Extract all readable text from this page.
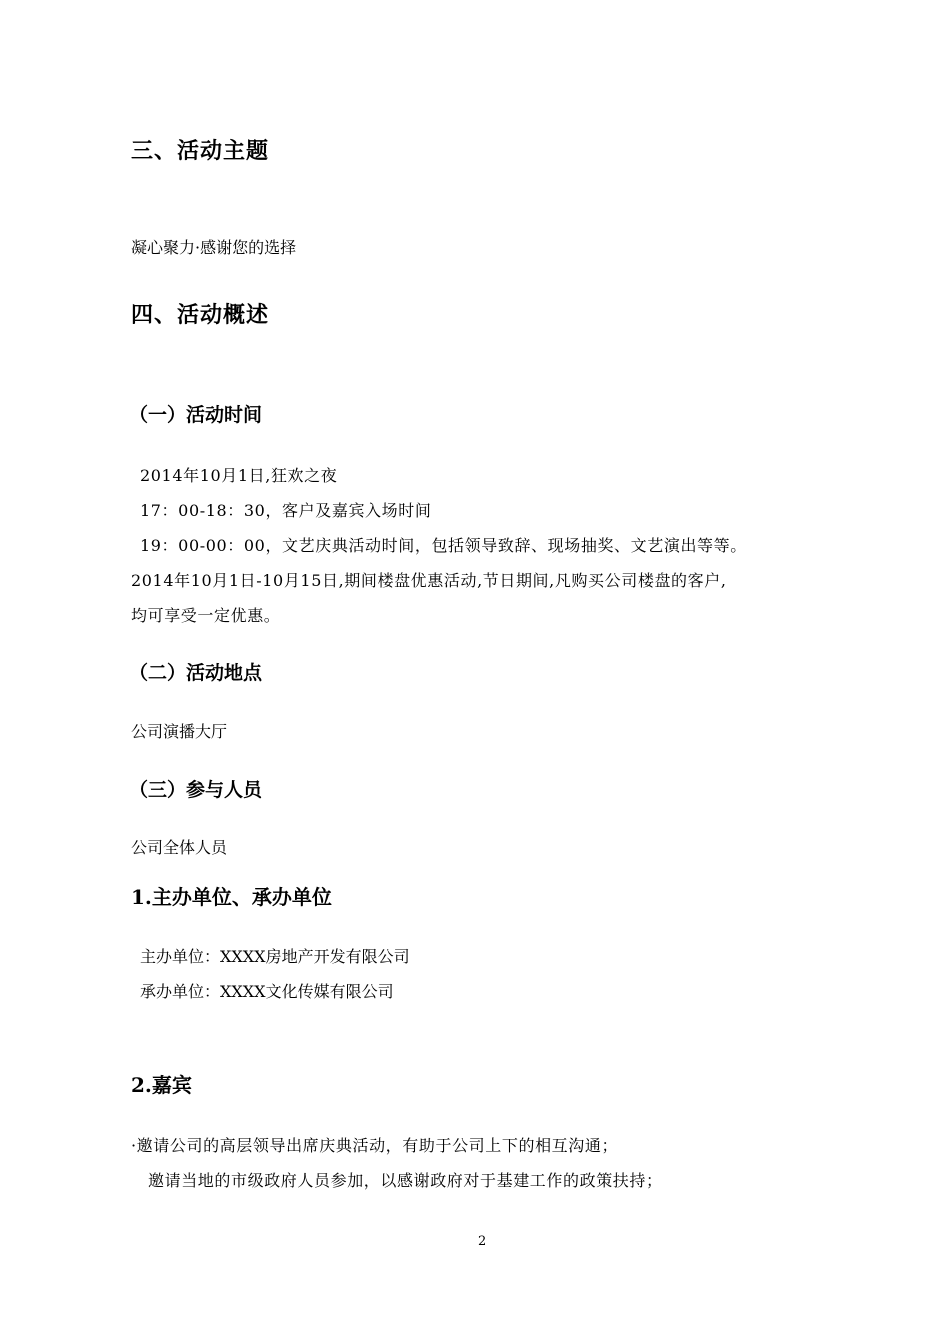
三、活动主题
凝心聚力·感谢您的选择
四、活动概述
（一）活动时间
2014年10月1日,狂欢之夜
17：00-18：30，客户及嘉宾入场时间
19：00-00：00，文艺庆典活动时间，包括领导致辞、现场抽奖、文艺演出等等。
2014年10月1日-10月15日,期间楼盘优惠活动,节日期间,凡购买公司楼盘的客户,
均可享受一定优惠。
（二）活动地点
公司演播大厅
（三）参与人员
公司全体人员
1.主办单位、承办单位
主办单位：XXXX房地产开发有限公司
承办单位：XXXX文化传媒有限公司
2.嘉宾
·邀请公司的高层领导出席庆典活动，有助于公司上下的相互沟通；
邀请当地的市级政府人员参加，以感谢政府对于基建工作的政策扶持；
2
